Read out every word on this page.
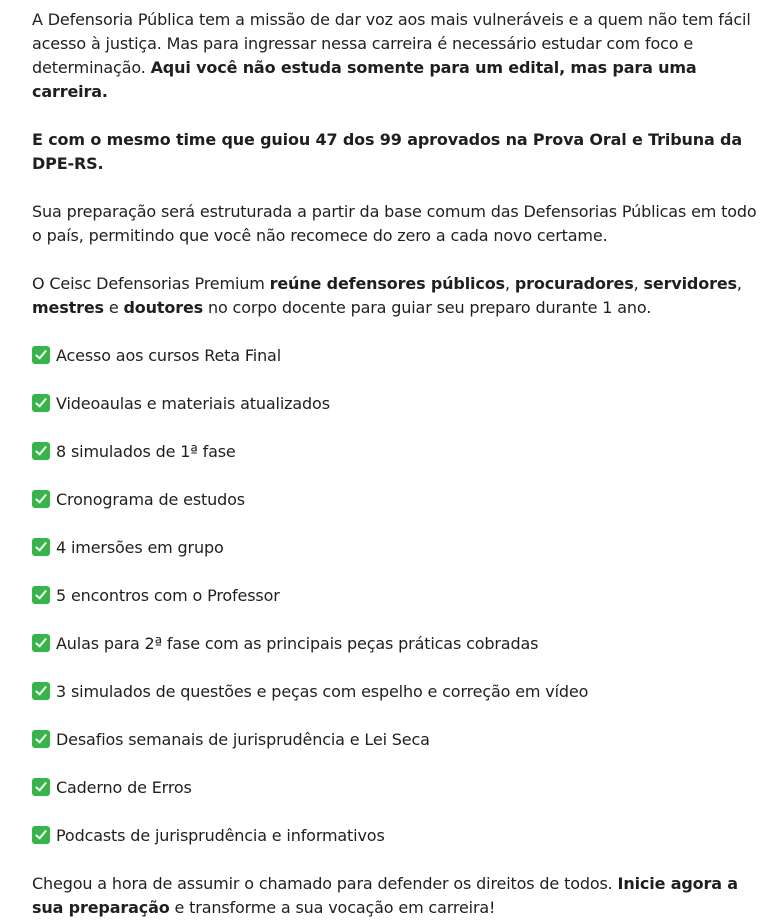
A Defensoria Pública tem a missão de dar voz aos mais vulneráveis e a quem não tem fácil acesso à justiça. Mas para ingressar nessa carreira é necessário estudar com foco e determinação. Aqui você não estuda somente para um edital, mas para uma carreira.

E com o mesmo time que guiou 47 dos 99 aprovados na Prova Oral e Tribuna da DPE-RS.

Sua preparação será estruturada a partir da base comum das Defensorias Públicas em todo o país, permitindo que você não recomece do zero a cada novo certame.

O Ceisc Defensorias Premium reúne defensores públicos, procuradores, servidores, mestres e doutores no corpo docente para guiar seu preparo durante 1 ano.

Acesso aos cursos Reta Final

Videoaulas e materiais atualizados

8 simulados de 1ª fase

Cronograma de estudos

4 imersões em grupo

5 encontros com o Professor

Aulas para 2ª fase com as principais peças práticas cobradas

3 simulados de questões e peças com espelho e correção em vídeo

Desafios semanais de jurisprudência e Lei Seca

Caderno de Erros

Podcasts de jurisprudência e informativos

Chegou a hora de assumir o chamado para defender os direitos de todos. Inicie agora a sua preparação e transforme a sua vocação em carreira!
